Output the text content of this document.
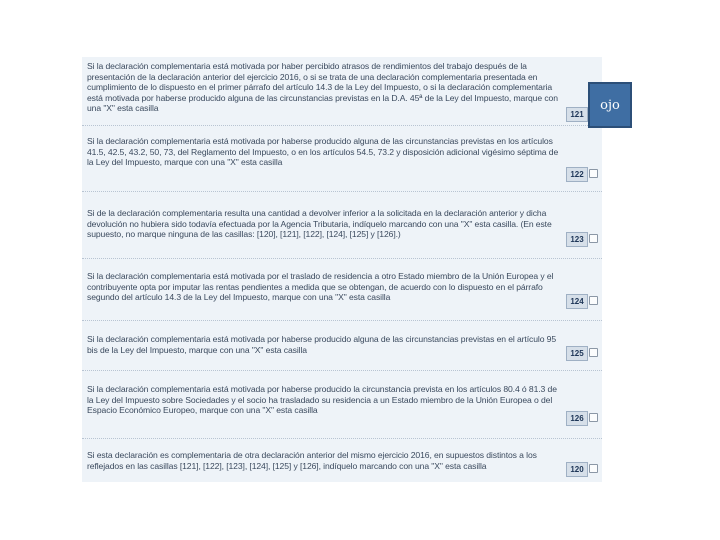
Si la declaración complementaria está motivada por haber percibido atrasos de rendimientos del trabajo después de la presentación de la declaración anterior del ejercicio 2016, o si se trata de una declaración complementaria presentada en cumplimiento de lo dispuesto en el primer párrafo del artículo 14.3 de la Ley del Impuesto, o si la declaración complementaria está motivada por haberse producido alguna de las circunstancias previstas en la D.A. 45ª de la Ley del Impuesto, marque con una "X" esta casilla
121
Si la declaración complementaria está motivada por haberse producido alguna de las circunstancias previstas en los artículos 41.5, 42.5, 43.2, 50, 73, del Reglamento del Impuesto, o en los artículos 54.5, 73.2 y disposición adicional vigésimo séptima de la Ley del Impuesto, marque con una "X" esta casilla
122
Si de la declaración complementaria resulta una cantidad a devolver inferior a la solicitada en la declaración anterior y dicha devolución no hubiera sido todavía efectuada por la Agencia Tributaria, indíquelo marcando con una "X" esta casilla. (En este supuesto, no marque ninguna de las casillas: [120], [121], [122], [124], [125] y [126].)
123
Si la declaración complementaria está motivada por el traslado de residencia a otro Estado miembro de la Unión Europea y el contribuyente opta por imputar las rentas pendientes a medida que se obtengan, de acuerdo con lo dispuesto en el párrafo segundo del artículo 14.3 de la Ley del Impuesto, marque con una "X" esta casilla	124
Si la declaración complementaria está motivada por haberse producido alguna de las circunstancias previstas en el artículo 95 bis de la Ley del Impuesto, marque con una "X" esta casilla	125
Si la declaración complementaria está motivada por haberse producido la circunstancia prevista en los artículos 80.4 ó 81.3 de la Ley del Impuesto sobre Sociedades y el socio ha trasladado su residencia a un Estado miembro de la Unión Europea o del Espacio Económico Europeo, marque con una "X" esta casilla
126
Si esta declaración es complementaria de otra declaración anterior del mismo ejercicio 2016, en supuestos distintos a los reflejados en las casillas [121], [122], [123], [124], [125] y [126], indíquelo marcando con una "X" esta casilla	120
ojo
